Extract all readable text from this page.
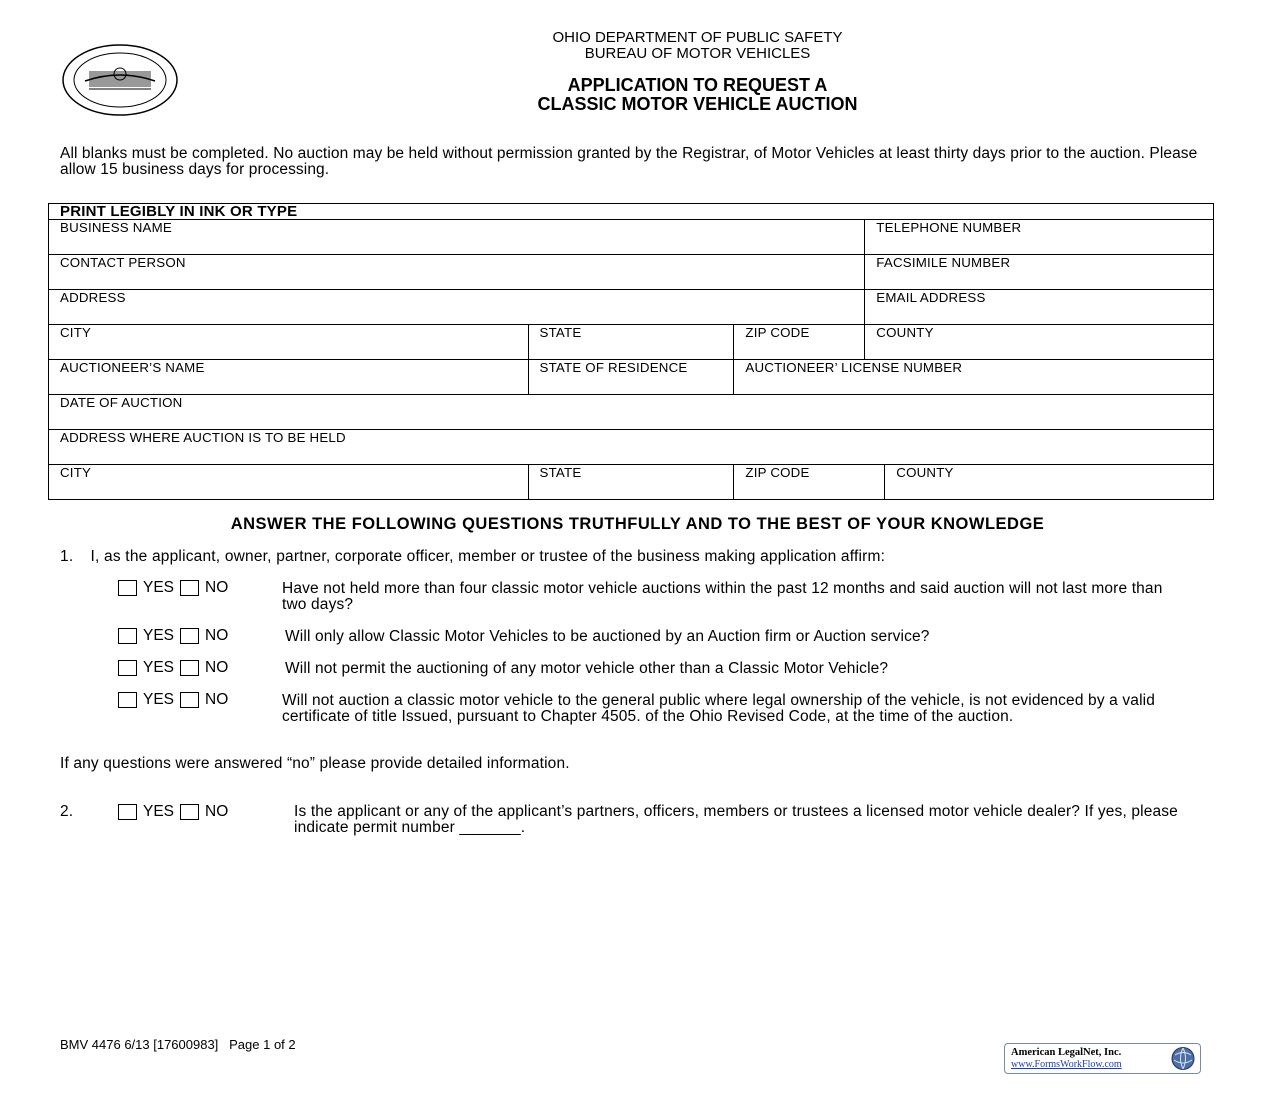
OHIO DEPARTMENT OF PUBLIC SAFETY
BUREAU OF MOTOR VEHICLES
APPLICATION TO REQUEST A
CLASSIC MOTOR VEHICLE AUCTION
All blanks must be completed. No auction may be held without permission granted by the Registrar, of Motor Vehicles at least thirty days prior to the auction. Please allow 15 business days for processing.
PRINT LEGIBLY IN INK OR TYPE				
BUSINESS NAME			TELEPHONE NUMBER	
CONTACT PERSON			FACSIMILE NUMBER	
ADDRESS			EMAIL ADDRESS	
CITY	STATE	ZIP CODE	COUNTY	
AUCTIONEER’S NAME	STATE OF RESIDENCE	AUCTIONEER’ LICENSE NUMBER		
DATE OF AUCTION				
ADDRESS WHERE AUCTION IS TO BE HELD				
CITY	STATE	ZIP CODE		COUNTY
ANSWER THE FOLLOWING QUESTIONS TRUTHFULLY AND TO THE BEST OF YOUR KNOWLEDGE
1. I, as the applicant, owner, partner, corporate officer, member or trustee of the business making application affirm:
YES NO	Have not held more than four classic motor vehicle auctions within the past 12 months and said auction will not last more than two days?
YES NO	Will only allow Classic Motor Vehicles to be auctioned by an Auction firm or Auction service?
YES NO	Will not permit the auctioning of any motor vehicle other than a Classic Motor Vehicle?
YES NO	Will not auction a classic motor vehicle to the general public where legal ownership of the vehicle, is not evidenced by a valid certificate of title Issued, pursuant to Chapter 4505. of the Ohio Revised Code, at the time of the auction.
If any questions were answered “no” please provide detailed information.
2.	YES NO	Is the applicant or any of the applicant’s partners, officers, members or trustees a licensed motor vehicle dealer? If yes, please indicate permit number _______.
BMV 4476 6/13 [17600983]   Page 1 of 2
American LegalNet, Inc.
www.FormsWorkFlow.com
